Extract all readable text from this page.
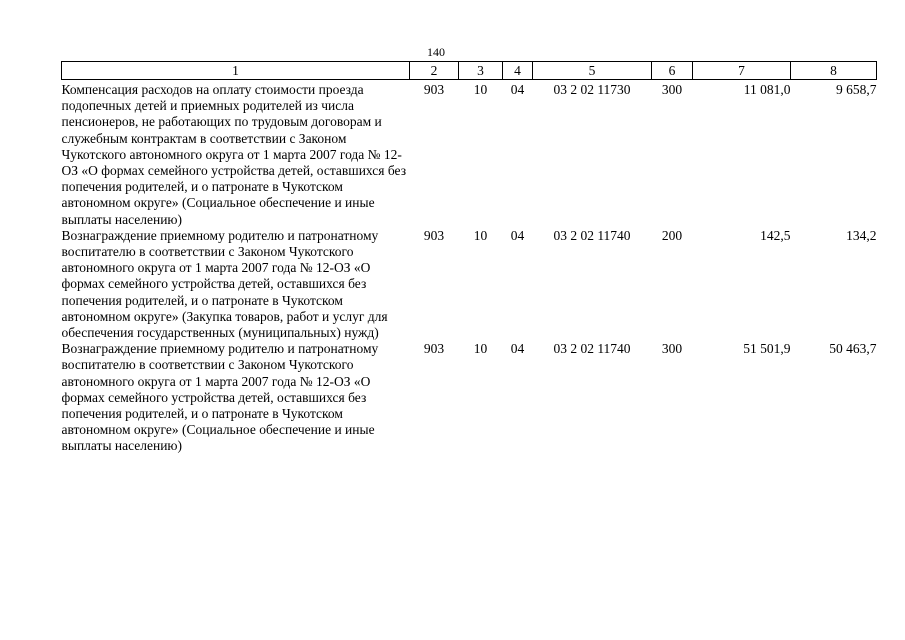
140
1	2	3	4	5	6	7	8
Компенсация расходов на оплату стоимости проезда подопечных детей и приемных родителей из числа пенсионеров, не работающих по трудовым договорам и служебным контрактам в соответствии с Законом Чукотского автономного округа от 1 марта 2007 года № 12-ОЗ «О формах семейного устройства детей, оставшихся без попечения родителей, и о патронате в Чукотском автономном округе» (Социальное обеспечение и иные выплаты населению)	903	10	04	03 2 02 11730	300	11 081,0	9 658,7
Вознаграждение приемному родителю и патронатному воспитателю в соответствии с Законом Чукотского автономного округа от 1 марта 2007 года № 12-ОЗ «О формах семейного устройства детей, оставшихся без попечения родителей, и о патронате в Чукотском автономном округе» (Закупка товаров, работ и услуг для обеспечения государственных (муниципальных) нужд)	903	10	04	03 2 02 11740	200	142,5	134,2
Вознаграждение приемному родителю и патронатному воспитателю в соответствии с Законом Чукотского автономного округа от 1 марта 2007 года № 12-ОЗ «О формах семейного устройства детей, оставшихся без попечения родителей, и о патронате в Чукотском автономном округе» (Социальное обеспечение и иные выплаты населению)	903	10	04	03 2 02 11740	300	51 501,9	50 463,7
